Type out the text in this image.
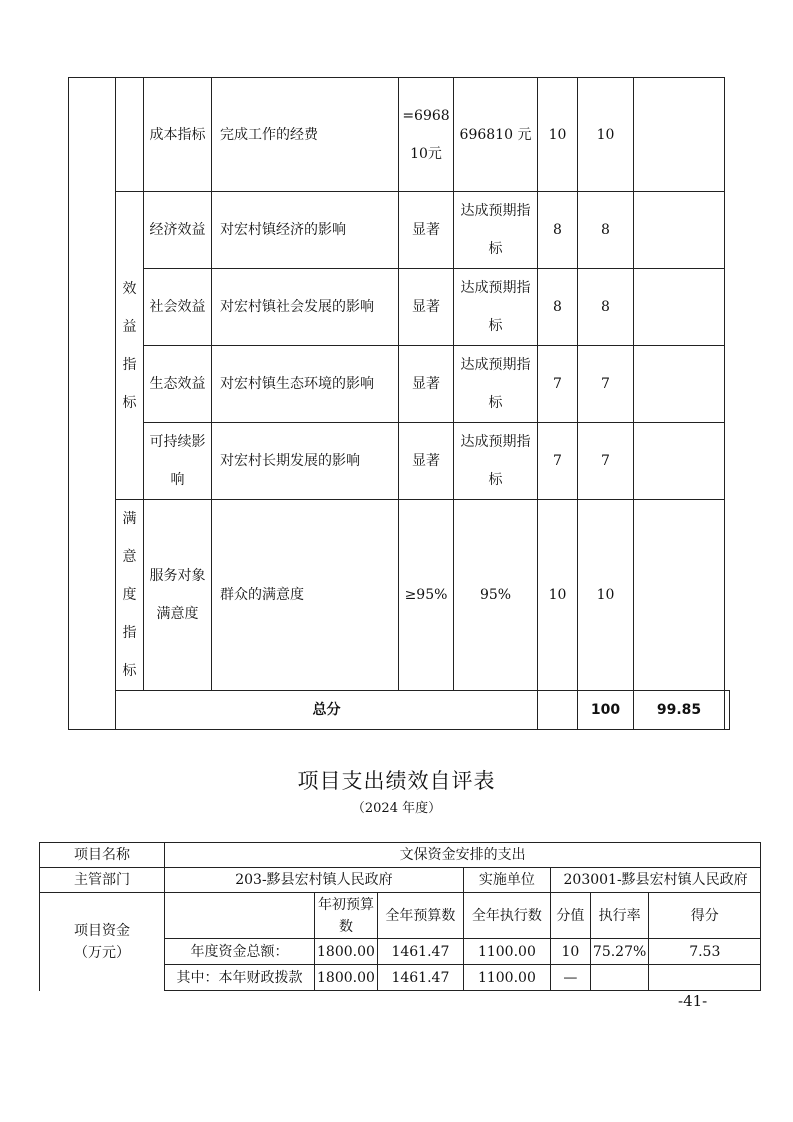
		成本指标	完成工作的经费	=696810元	696810 元	10	10		

	效益指标	经济效益	对宏村镇经济的影响	显著	达成预期指标	8	8		

		社会效益	对宏村镇社会发展的影响	显著	达成预期指标	8	8		

		生态效益	对宏村镇生态环境的影响	显著	达成预期指标	7	7		

		可持续影响	对宏村长期发展的影响	显著	达成预期指标	7	7		

	满意度指标	服务对象满意度	群众的满意度	≥95%	95%	10	10		
	总分						100	99.85	
项目支出绩效自评表
（2024 年度）
项目名称	文保资金安排的支出						
主管部门	203-黟县宏村镇人民政府			实施单位	203001-黟县宏村镇人民政府		

项目资金（万元）		年初预算数	全年预算数	全年执行数	分值	执行率	得分
	年度资金总额：	1800.00	1461.47	1100.00	10	75.27%	7.53
	其中：本年财政拨款	1800.00	1461.47	1100.00	—		
-41-
